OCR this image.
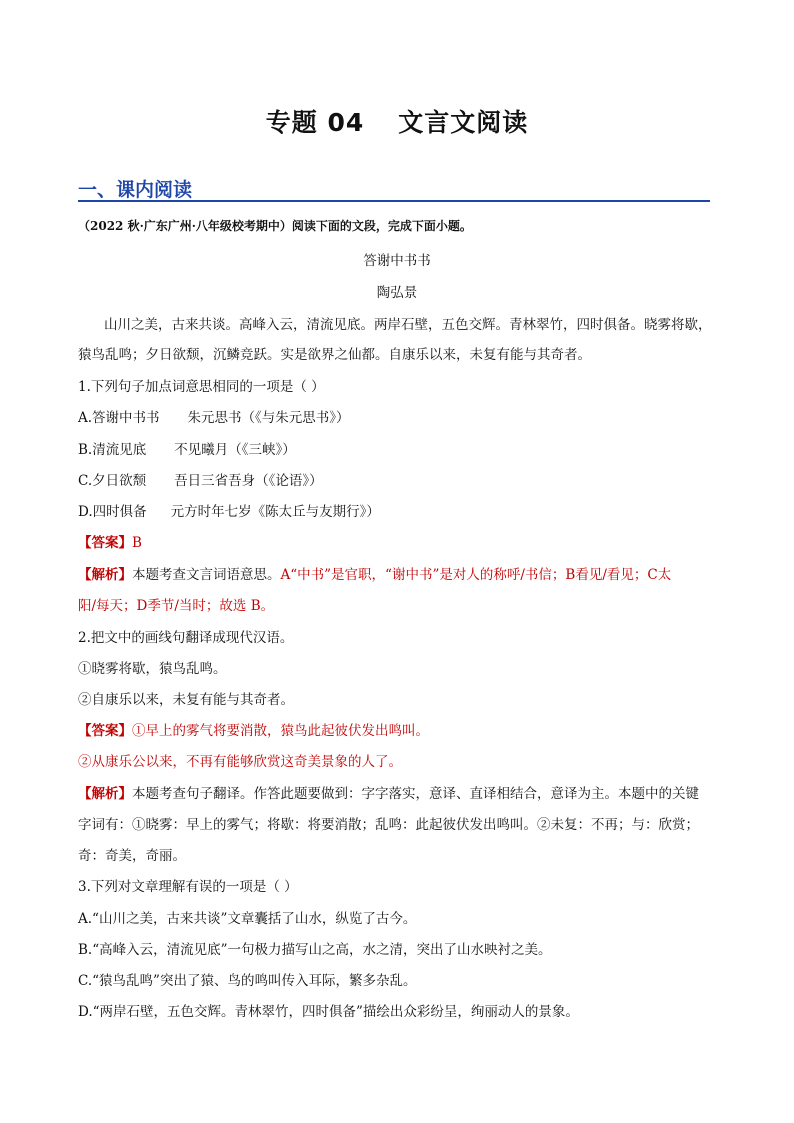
专题 04 文言文阅读
一、课内阅读
（2022 秋·广东广州·八年级校考期中）阅读下面的文段，完成下面小题。
答谢中书书
陶弘景
山川之美，古来共谈。高峰入云，清流见底。两岸石壁，五色交辉。青林翠竹，四时俱备。晓雾将歇，
猿鸟乱鸣；夕日欲颓，沉鳞竞跃。实是欲界之仙都。自康乐以来，未复有能与其奇者。
1.下列句子加点词意思相同的一项是（ ）
A.答谢中书书 朱元思书（《与朱元思书》）
B.清流见底 不见曦月（《三峡》）
C.夕日欲颓 吾日三省吾身（《论语》）
D.四时俱备 元方时年七岁《陈太丘与友期行》）
【答案】B
【解析】本题考查文言词语意思。A“中书”是官职，“谢中书”是对人的称呼/书信；B看见/看见；C太
阳/每天；D季节/当时；故选 B。
2.把文中的画线句翻译成现代汉语。
①晓雾将歇，猿鸟乱鸣。
②自康乐以来，未复有能与其奇者。
【答案】①早上的雾气将要消散，猿鸟此起彼伏发出鸣叫。
②从康乐公以来，不再有能够欣赏这奇美景象的人了。
【解析】本题考查句子翻译。作答此题要做到：字字落实，意译、直译相结合，意译为主。本题中的关键
字词有：①晓雾：早上的雾气；将歇：将要消散；乱鸣：此起彼伏发出鸣叫。②未复：不再；与：欣赏；
奇：奇美，奇丽。
3.下列对文章理解有误的一项是（ ）
A.“山川之美，古来共谈”文章囊括了山水，纵览了古今。
B.“高峰入云，清流见底”一句极力描写山之高，水之清，突出了山水映衬之美。
C.“猿鸟乱鸣”突出了猿、鸟的鸣叫传入耳际，繁多杂乱。
D.“两岸石壁，五色交辉。青林翠竹，四时俱备”描绘出众彩纷呈，绚丽动人的景象。
